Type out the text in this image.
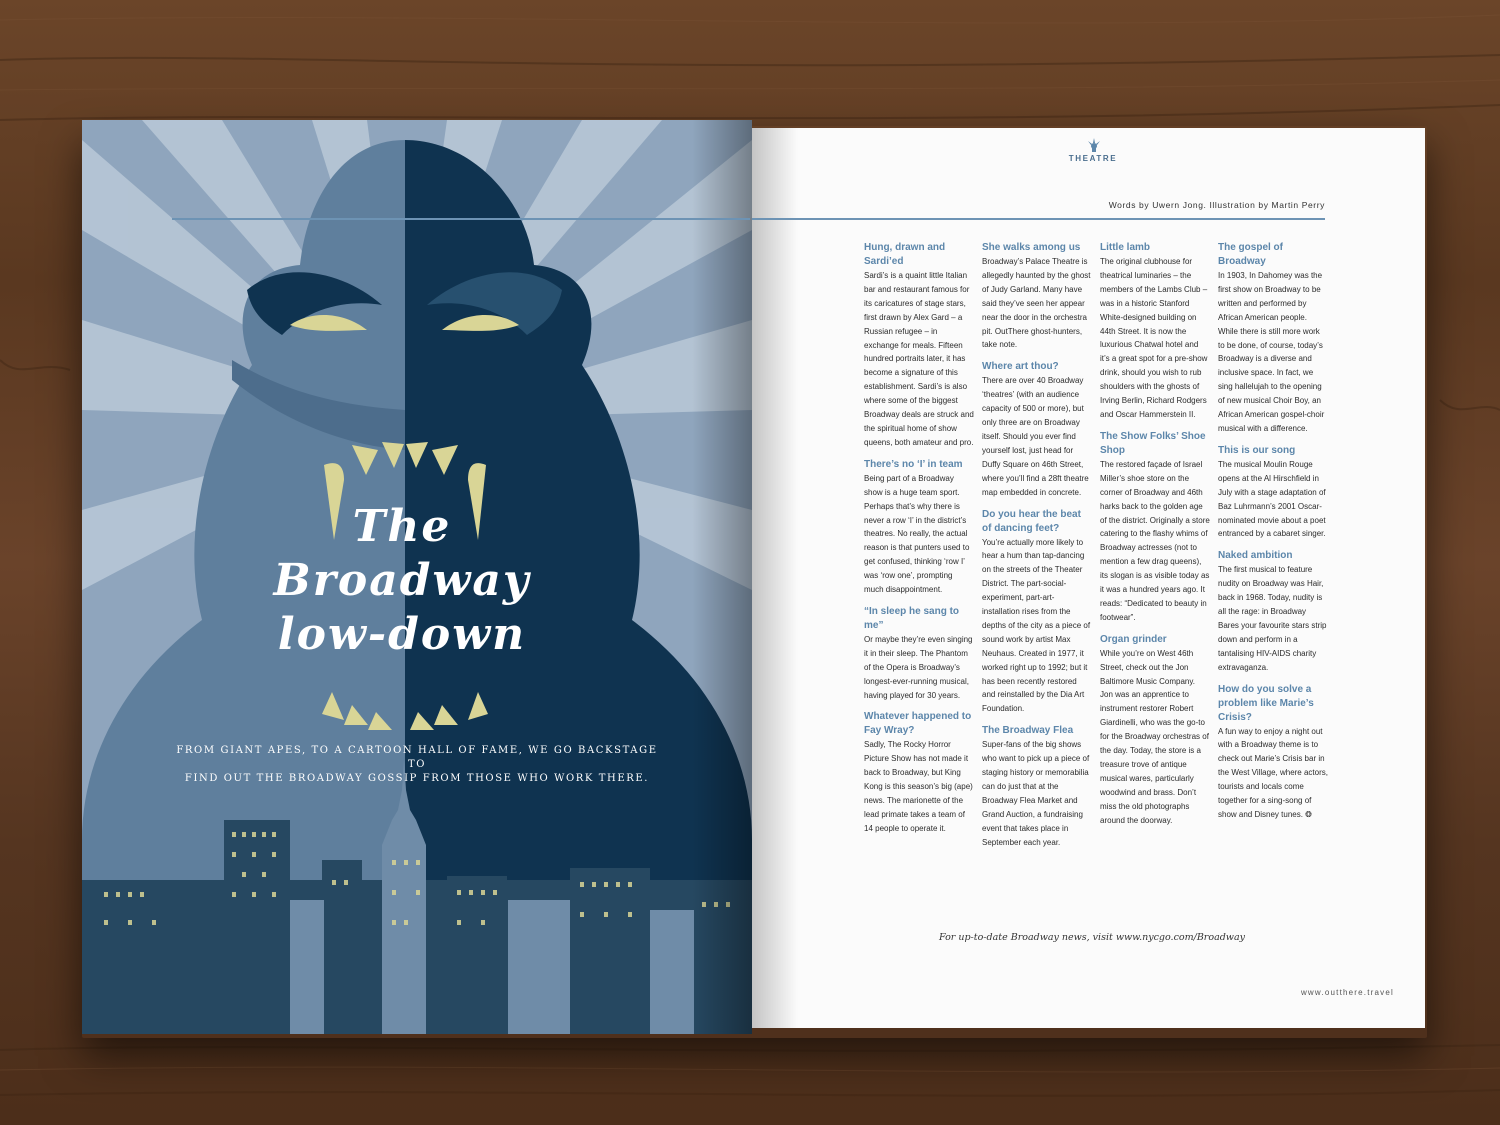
The
Broadway
low-down
FROM GIANT APES, TO A CARTOON HALL OF FAME, WE GO BACKSTAGE TO
FIND OUT THE BROADWAY GOSSIP FROM THOSE WHO WORK THERE.
THEATRE
Words by Uwern Jong. Illustration by Martin Perry
Hung, drawn and Sardi’ed

Sardi’s is a quaint little Italian bar and restaurant famous for its caricatures of stage stars, first drawn by Alex Gard – a Russian refugee – in exchange for meals. Fifteen hundred portraits later, it has become a signature of this establishment. Sardi’s is also where some of the biggest Broadway deals are struck and the spiritual home of show queens, both amateur and pro.

There’s no ‘I’ in team

Being part of a Broadway show is a huge team sport. Perhaps that’s why there is never a row ‘I’ in the district’s theatres. No really, the actual reason is that punters used to get confused, thinking ‘row I’ was ‘row one’, prompting much disappointment.

“In sleep he sang to me”

Or maybe they’re even singing it in their sleep. The Phantom of the Opera is Broadway’s longest-ever-running musical, having played for 30 years.

Whatever happened to Fay Wray?

Sadly, The Rocky Horror Picture Show has not made it back to Broadway, but King Kong is this season’s big (ape) news. The marionette of the lead primate takes a team of 14 people to operate it.

She walks among us

Broadway’s Palace Theatre is allegedly haunted by the ghost of Judy Garland. Many have said they’ve seen her appear near the door in the orchestra pit. OutThere ghost-hunters, take note.

Where art thou?

There are over 40 Broadway ‘theatres’ (with an audience capacity of 500 or more), but only three are on Broadway itself. Should you ever find yourself lost, just head for Duffy Square on 46th Street, where you’ll find a 28ft theatre map embedded in concrete.

Do you hear the beat of dancing feet?

You’re actually more likely to hear a hum than tap-dancing on the streets of the Theater District. The part-social-experiment, part-art-installation rises from the depths of the city as a piece of sound work by artist Max Neuhaus. Created in 1977, it worked right up to 1992; but it has been recently restored and reinstalled by the Dia Art Foundation.

The Broadway Flea

Super-fans of the big shows who want to pick up a piece of staging history or memorabilia can do just that at the Broadway Flea Market and Grand Auction, a fundraising event that takes place in September each year.

Little lamb

The original clubhouse for theatrical luminaries – the members of the Lambs Club – was in a historic Stanford White-designed building on 44th Street. It is now the luxurious Chatwal hotel and it’s a great spot for a pre-show drink, should you wish to rub shoulders with the ghosts of Irving Berlin, Richard Rodgers and Oscar Hammerstein II.

The Show Folks’ Shoe Shop

The restored façade of Israel Miller’s shoe store on the corner of Broadway and 46th harks back to the golden age of the district. Originally a store catering to the flashy whims of Broadway actresses (not to mention a few drag queens), its slogan is as visible today as it was a hundred years ago. It reads: “Dedicated to beauty in footwear”.

Organ grinder

While you’re on West 46th Street, check out the Jon Baltimore Music Company. Jon was an apprentice to instrument restorer Robert Giardinelli, who was the go-to for the Broadway orchestras of the day. Today, the store is a treasure trove of antique musical wares, particularly woodwind and brass. Don’t miss the old photographs around the doorway.

The gospel of Broadway

In 1903, In Dahomey was the first show on Broadway to be written and performed by African American people. While there is still more work to be done, of course, today’s Broadway is a diverse and inclusive space. In fact, we sing hallelujah to the opening of new musical Choir Boy, an African American gospel-choir musical with a difference.

This is our song

The musical Moulin Rouge opens at the Al Hirschfield in July with a stage adaptation of Baz Luhrmann’s 2001 Oscar-nominated movie about a poet entranced by a cabaret singer.

Naked ambition

The first musical to feature nudity on Broadway was Hair, back in 1968. Today, nudity is all the rage: in Broadway Bares your favourite stars strip down and perform in a tantalising HIV-AIDS charity extravaganza.

How do you solve a problem like Marie’s Crisis?

A fun way to enjoy a night out with a Broadway theme is to check out Marie’s Crisis bar in the West Village, where actors, tourists and locals come together for a sing-song of show and Disney tunes. ❂

For up-to-date Broadway news, visit www.nycgo.com/Broadway
www.outthere.travel
